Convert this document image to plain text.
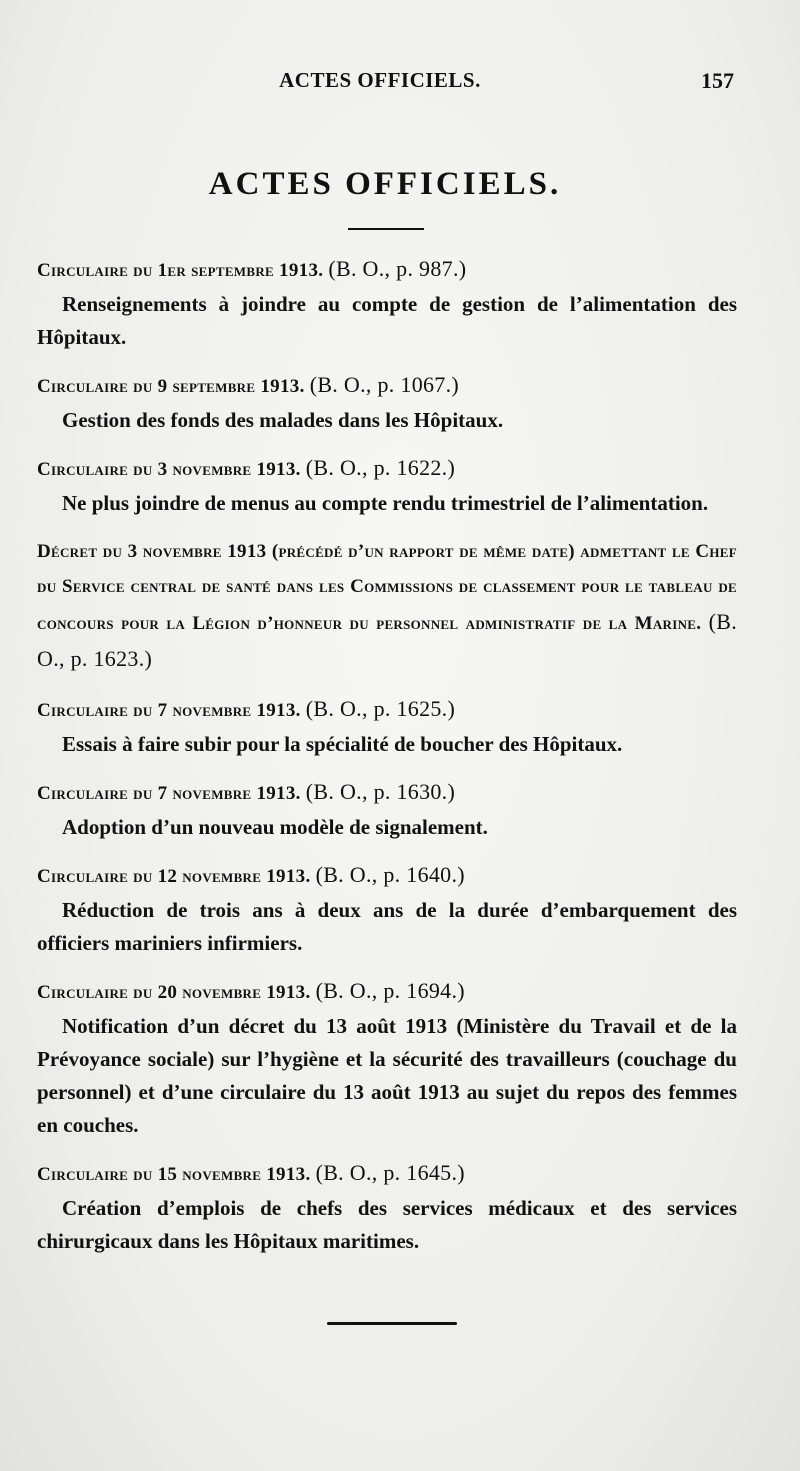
ACTES OFFICIELS.	157
ACTES OFFICIELS.
Circulaire du 1er septembre 1913. (B. O., p. 987.)
Renseignements à joindre au compte de gestion de l’alimentation des Hôpitaux.
Circulaire du 9 septembre 1913. (B. O., p. 1067.)
Gestion des fonds des malades dans les Hôpitaux.
Circulaire du 3 novembre 1913. (B. O., p. 1622.)
Ne plus joindre de menus au compte rendu trimestriel de l’alimentation.
Décret du 3 novembre 1913 (précédé d’un rapport de même date) admettant le Chef du Service central de santé dans les Commissions de classement pour le tableau de concours pour la Légion d’honneur du personnel administratif de la Marine. (B. O., p. 1623.)
Circulaire du 7 novembre 1913. (B. O., p. 1625.)
Essais à faire subir pour la spécialité de boucher des Hôpitaux.
Circulaire du 7 novembre 1913. (B. O., p. 1630.)
Adoption d’un nouveau modèle de signalement.
Circulaire du 12 novembre 1913. (B. O., p. 1640.)
Réduction de trois ans à deux ans de la durée d’embarquement des officiers mariniers infirmiers.
Circulaire du 20 novembre 1913. (B. O., p. 1694.)
Notification d’un décret du 13 août 1913 (Ministère du Travail et de la Prévoyance sociale) sur l’hygiène et la sécurité des travailleurs (couchage du personnel) et d’une circulaire du 13 août 1913 au sujet du repos des femmes en couches.
Circulaire du 15 novembre 1913. (B. O., p. 1645.)
Création d’emplois de chefs des services médicaux et des services chirurgicaux dans les Hôpitaux maritimes.
